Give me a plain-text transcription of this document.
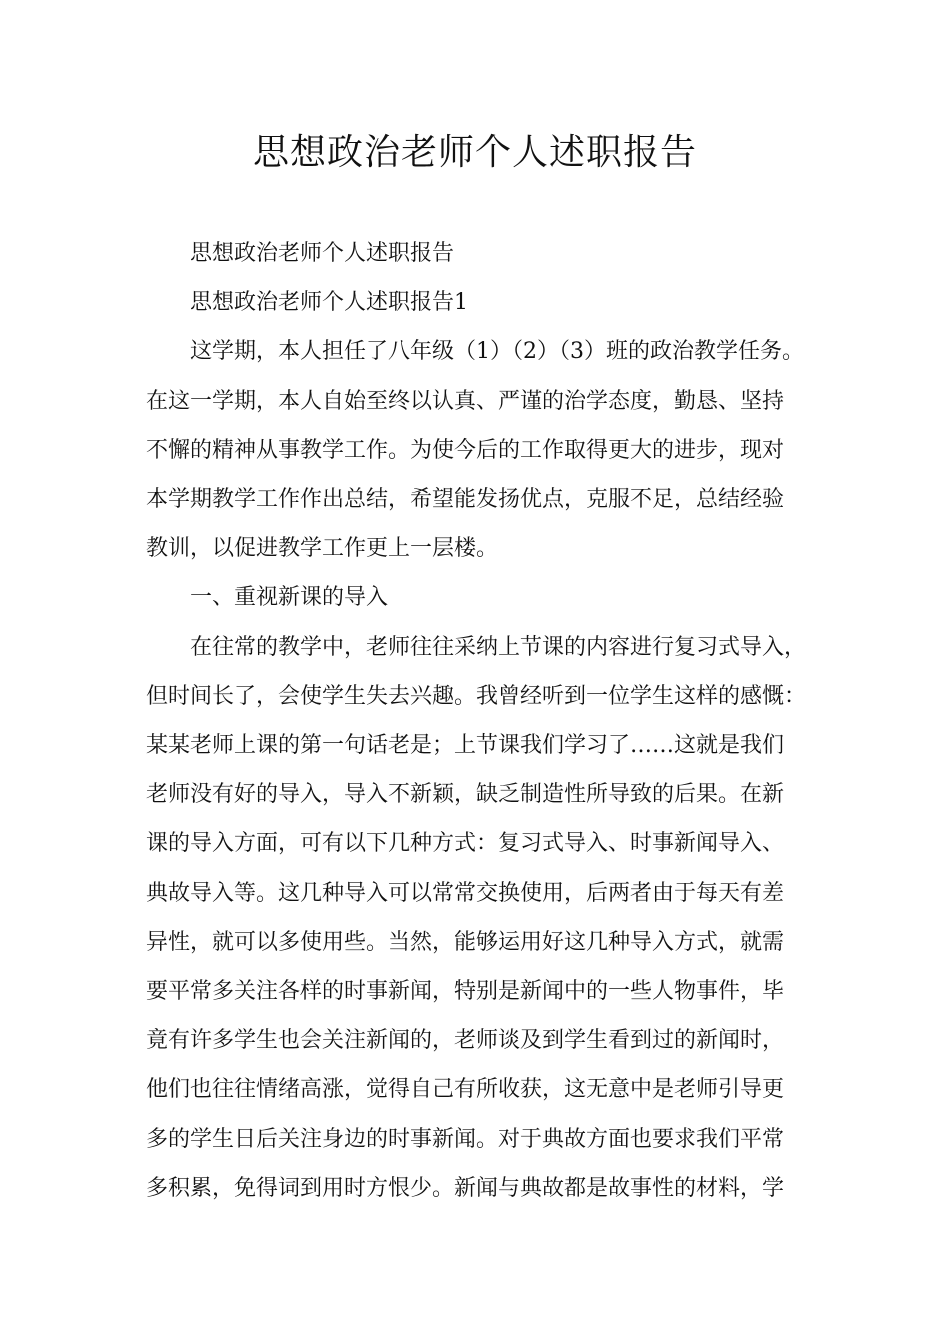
思想政治老师个人述职报告
思想政治老师个人述职报告
思想政治老师个人述职报告1
这学期，本人担任了八年级（1）（2）（3）班的政治教学任务。
在这一学期，本人自始至终以认真、严谨的治学态度，勤恳、坚持
不懈的精神从事教学工作。为使今后的工作取得更大的进步，现对
本学期教学工作作出总结，希望能发扬优点，克服不足，总结经验
教训，以促进教学工作更上一层楼。
一、重视新课的导入
在往常的教学中，老师往往采纳上节课的内容进行复习式导入，
但时间长了，会使学生失去兴趣。我曾经听到一位学生这样的感慨：
某某老师上课的第一句话老是；上节课我们学习了……这就是我们
老师没有好的导入，导入不新颖，缺乏制造性所导致的后果。在新
课的导入方面，可有以下几种方式：复习式导入、时事新闻导入、
典故导入等。这几种导入可以常常交换使用，后两者由于每天有差
异性，就可以多使用些。当然，能够运用好这几种导入方式，就需
要平常多关注各样的时事新闻，特别是新闻中的一些人物事件，毕
竟有许多学生也会关注新闻的，老师谈及到学生看到过的新闻时，
他们也往往情绪高涨，觉得自己有所收获，这无意中是老师引导更
多的学生日后关注身边的时事新闻。对于典故方面也要求我们平常
多积累，免得词到用时方恨少。新闻与典故都是故事性的材料，学
